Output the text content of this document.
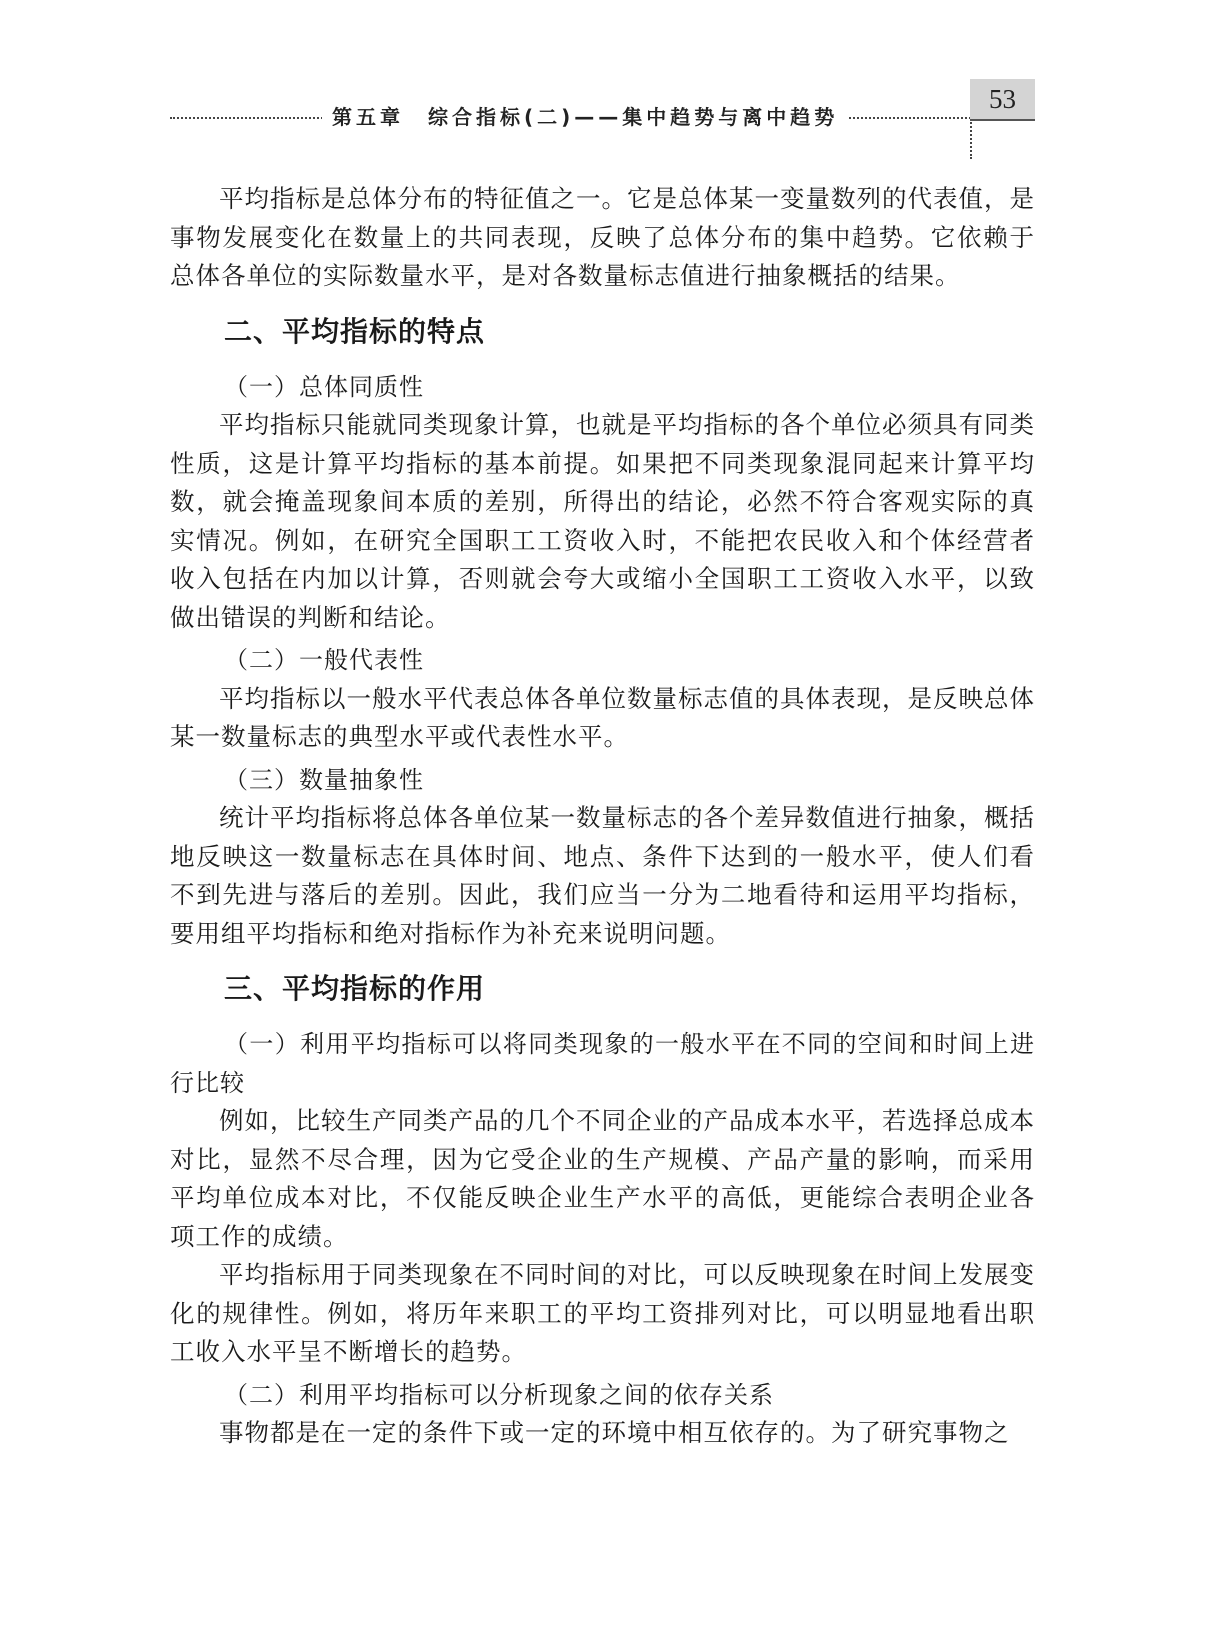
第五章　综合指标(二)——集中趋势与离中趋势
53

平均指标是总体分布的特征值之一。它是总体某一变量数列的代表值，是事物发展变化在数量上的共同表现，反映了总体分布的集中趋势。它依赖于总体各单位的实际数量水平，是对各数量标志值进行抽象概括的结果。

二、平均指标的特点

（一）总体同质性

平均指标只能就同类现象计算，也就是平均指标的各个单位必须具有同类性质，这是计算平均指标的基本前提。如果把不同类现象混同起来计算平均数，就会掩盖现象间本质的差别，所得出的结论，必然不符合客观实际的真实情况。例如，在研究全国职工工资收入时，不能把农民收入和个体经营者收入包括在内加以计算，否则就会夸大或缩小全国职工工资收入水平，以致做出错误的判断和结论。

（二）一般代表性

平均指标以一般水平代表总体各单位数量标志值的具体表现，是反映总体某一数量标志的典型水平或代表性水平。

（三）数量抽象性

统计平均指标将总体各单位某一数量标志的各个差异数值进行抽象，概括地反映这一数量标志在具体时间、地点、条件下达到的一般水平，使人们看不到先进与落后的差别。因此，我们应当一分为二地看待和运用平均指标，要用组平均指标和绝对指标作为补充来说明问题。

三、平均指标的作用

（一）利用平均指标可以将同类现象的一般水平在不同的空间和时间上进行比较

例如，比较生产同类产品的几个不同企业的产品成本水平，若选择总成本对比，显然不尽合理，因为它受企业的生产规模、产品产量的影响，而采用平均单位成本对比，不仅能反映企业生产水平的高低，更能综合表明企业各项工作的成绩。

平均指标用于同类现象在不同时间的对比，可以反映现象在时间上发展变化的规律性。例如，将历年来职工的平均工资排列对比，可以明显地看出职工收入水平呈不断增长的趋势。

（二）利用平均指标可以分析现象之间的依存关系

事物都是在一定的条件下或一定的环境中相互依存的。为了研究事物之
